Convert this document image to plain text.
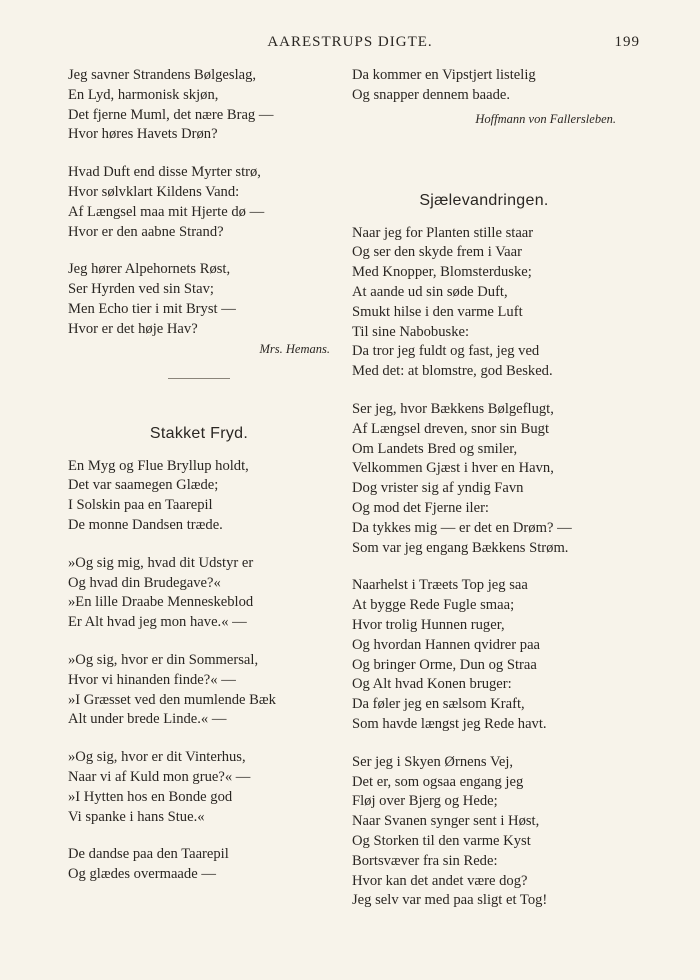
AARESTRUPS DIGTE.	199
Jeg savner Strandens Bølgeslag,
En Lyd, harmonisk skjøn,
Det fjerne Muml, det nære Brag —
Hvor høres Havets Drøn?
Hvad Duft end disse Myrter strø,
Hvor sølvklart Kildens Vand:
Af Længsel maa mit Hjerte dø —
Hvor er den aabne Strand?
Jeg hører Alpehornets Røst,
Ser Hyrden ved sin Stav;
Men Echo tier i mit Bryst —
Hvor er det høje Hav?
Mrs. Hemans.
Stakket Fryd.
En Myg og Flue Bryllup holdt,
Det var saamegen Glæde;
I Solskin paa en Taarepil
De monne Dandsen træde.
»Og sig mig, hvad dit Udstyr er
Og hvad din Brudegave?«
»En lille Draabe Menneskeblod
Er Alt hvad jeg mon have.« —
»Og sig, hvor er din Sommersal,
Hvor vi hinanden finde?« —
»I Græsset ved den mumlende Bæk
Alt under brede Linde.« —
»Og sig, hvor er dit Vinterhus,
Naar vi af Kuld mon grue?« —
»I Hytten hos en Bonde god
Vi spanke i hans Stue.«
De dandse paa den Taarepil
Og glædes overmaade —
Da kommer en Vipstjert listelig
Og snapper dennem baade.
Hoffmann von Fallersleben.
Sjælevandringen.
Naar jeg for Planten stille staar
Og ser den skyde frem i Vaar
Med Knopper, Blomsterduske;
At aande ud sin søde Duft,
Smukt hilse i den varme Luft
Til sine Nabobuske:
Da tror jeg fuldt og fast, jeg ved
Med det: at blomstre, god Besked.
Ser jeg, hvor Bækkens Bølgeflugt,
Af Længsel dreven, snor sin Bugt
Om Landets Bred og smiler,
Velkommen Gjæst i hver en Havn,
Dog vrister sig af yndig Favn
Og mod det Fjerne iler:
Da tykkes mig — er det en Drøm? —
Som var jeg engang Bækkens Strøm.
Naarhelst i Træets Top jeg saa
At bygge Rede Fugle smaa;
Hvor trolig Hunnen ruger,
Og hvordan Hannen qvidrer paa
Og bringer Orme, Dun og Straa
Og Alt hvad Konen bruger:
Da føler jeg en sælsom Kraft,
Som havde længst jeg Rede havt.
Ser jeg i Skyen Ørnens Vej,
Det er, som ogsaa engang jeg
Fløj over Bjerg og Hede;
Naar Svanen synger sent i Høst,
Og Storken til den varme Kyst
Bortsvæver fra sin Rede:
Hvor kan det andet være dog?
Jeg selv var med paa sligt et Tog!
